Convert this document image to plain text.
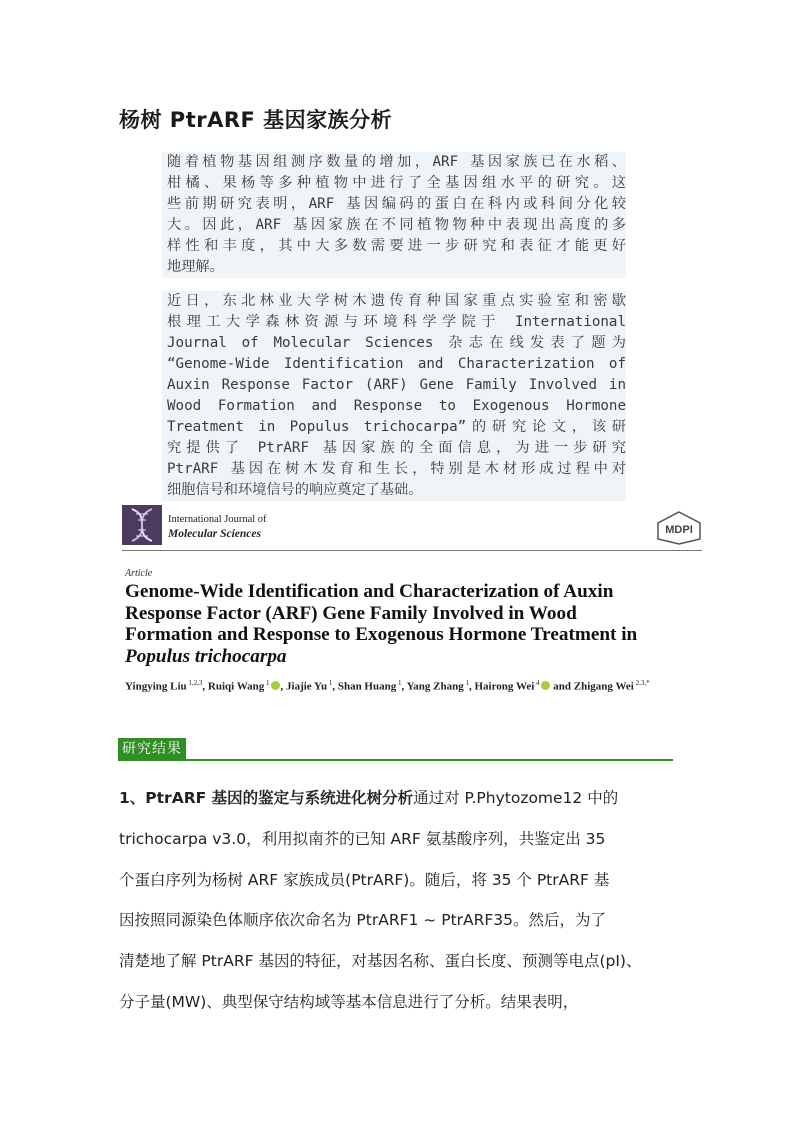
杨树 PtrARF 基因家族分析
随着植物基因组测序数量的增加，ARF 基因家族已在水稻、
柑橘、果杨等多种植物中进行了全基因组水平的研究。这
些前期研究表明，ARF 基因编码的蛋白在科内或科间分化较
大。因此，ARF 基因家族在不同植物物种中表现出高度的多
样性和丰度，其中大多数需要进一步研究和表征才能更好
地理解。
近日，东北林业大学树木遗传育种国家重点实验室和密歇
根理工大学森林资源与环境科学学院于 International
Journal of Molecular Sciences 杂志在线发表了题为
“Genome-Wide Identification and Characterization of
Auxin Response Factor (ARF) Gene Family Involved in
Wood Formation and Response to Exogenous Hormone
Treatment in Populus trichocarpa”的研究论文，该研
究提供了 PtrARF 基因家族的全面信息，为进一步研究
PtrARF 基因在树木发育和生长，特别是木材形成过程中对
细胞信号和环境信号的响应奠定了基础。
International Journal of
Molecular Sciences	MDPI
Article
Genome-Wide Identification and Characterization of Auxin
Response Factor (ARF) Gene Family Involved in Wood
Formation and Response to Exogenous Hormone Treatment in
Populus trichocarpa
Yingying Liu $^{1,2,3}$, Ruiqi Wang $^1$ , Jiajie Yu $^1$, Shan Huang $^1$, Yang Zhang $^1$, Hairong Wei $^4$ and Zhigang Wei $^{2,3,*}$
研究结果
1、PtrARF 基因的鉴定与系统进化树分析通过对 P.Phytozome12 中的
trichocarpa v3.0，利用拟南芥的已知 ARF 氨基酸序列，共鉴定出 35
个蛋白序列为杨树 ARF 家族成员(PtrARF)。随后，将 35 个 PtrARF 基
因按照同源染色体顺序依次命名为 PtrARF1 ~ PtrARF35。然后，为了
清楚地了解 PtrARF 基因的特征，对基因名称、蛋白长度、预测等电点(pI)、
分子量(MW)、典型保守结构域等基本信息进行了分析。结果表明，
